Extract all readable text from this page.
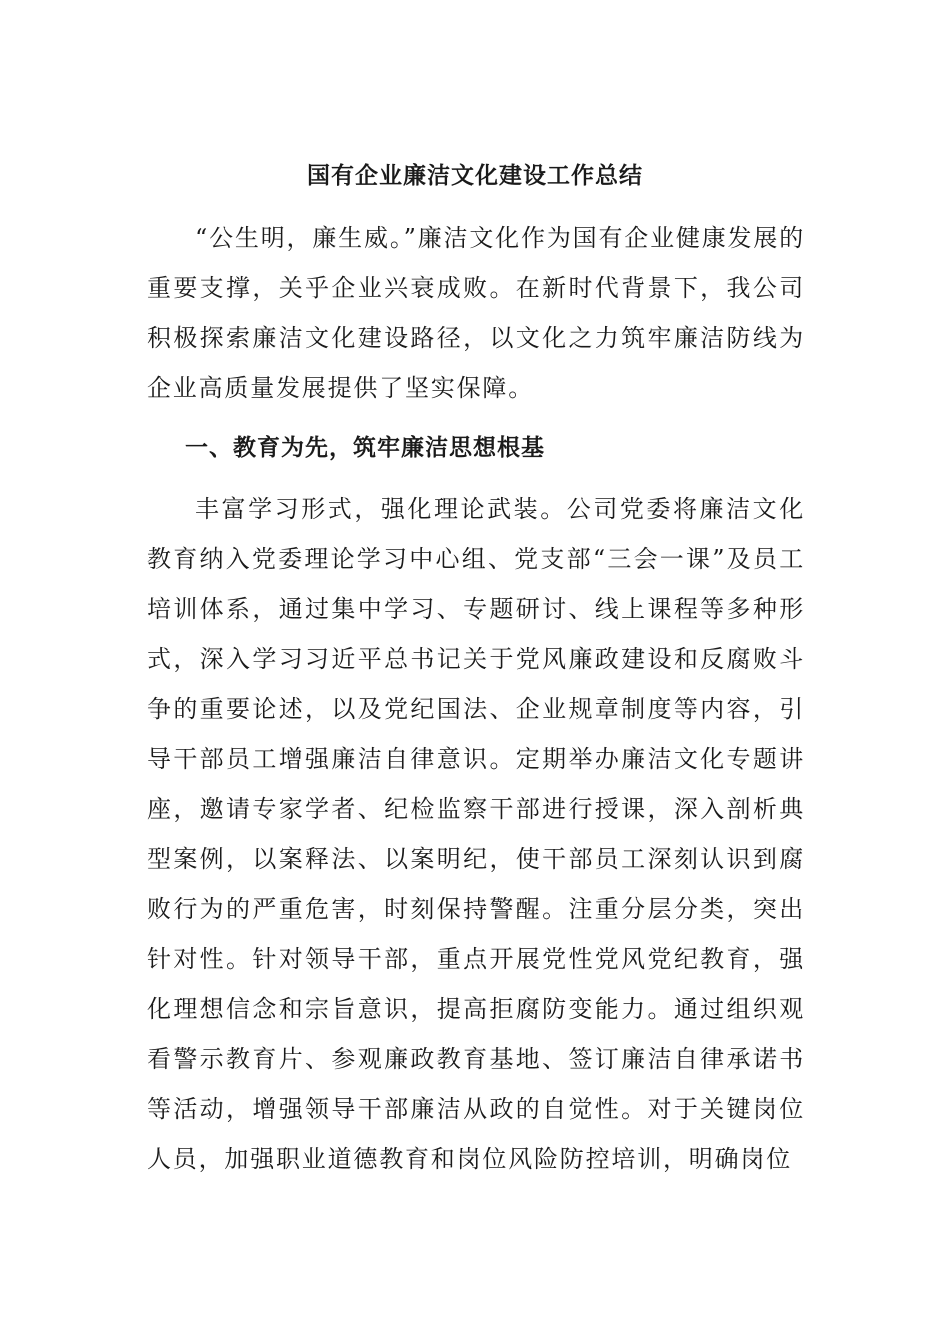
国有企业廉洁文化建设工作总结

“公生明，廉生威。”廉洁文化作为国有企业健康发展的重要支撑，关乎企业兴衰成败。在新时代背景下，我公司积极探索廉洁文化建设路径，以文化之力筑牢廉洁防线为企业高质量发展提供了坚实保障。

一、教育为先，筑牢廉洁思想根基

丰富学习形式，强化理论武装。公司党委将廉洁文化教育纳入党委理论学习中心组、党支部“三会一课”及员工培训体系，通过集中学习、专题研讨、线上课程等多种形式，深入学习习近平总书记关于党风廉政建设和反腐败斗争的重要论述，以及党纪国法、企业规章制度等内容，引导干部员工增强廉洁自律意识。定期举办廉洁文化专题讲座，邀请专家学者、纪检监察干部进行授课，深入剖析典型案例，以案释法、以案明纪，使干部员工深刻认识到腐败行为的严重危害，时刻保持警醒。注重分层分类，突出针对性。针对领导干部，重点开展党性党风党纪教育，强化理想信念和宗旨意识，提高拒腐防变能力。通过组织观看警示教育片、参观廉政教育基地、签订廉洁自律承诺书等活动，增强领导干部廉洁从政的自觉性。对于关键岗位人员，加强职业道德教育和岗位风险防控培训，明确岗位
